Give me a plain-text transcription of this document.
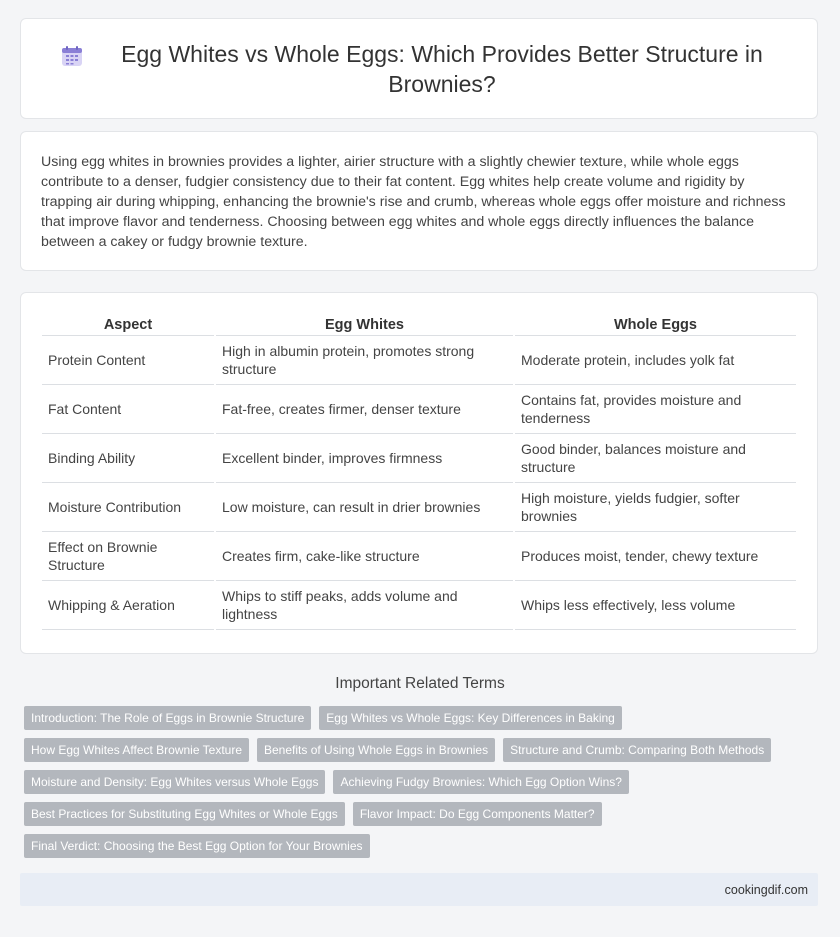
Egg Whites vs Whole Eggs: Which Provides Better Structure in Brownies?

Using egg whites in brownies provides a lighter, airier structure with a slightly chewier texture, while whole eggs contribute to a denser, fudgier consistency due to their fat content. Egg whites help create volume and rigidity by trapping air during whipping, enhancing the brownie's rise and crumb, whereas whole eggs offer moisture and richness that improve flavor and tenderness. Choosing between egg whites and whole eggs directly influences the balance between a cakey or fudgy brownie texture.

Aspect	Egg Whites	Whole Eggs
Protein Content	High in albumin protein, promotes strong structure	Moderate protein, includes yolk fat
Fat Content	Fat-free, creates firmer, denser texture	Contains fat, provides moisture and tenderness
Binding Ability	Excellent binder, improves firmness	Good binder, balances moisture and structure
Moisture Contribution	Low moisture, can result in drier brownies	High moisture, yields fudgier, softer brownies
Effect on Brownie Structure	Creates firm, cake-like structure	Produces moist, tender, chewy texture
Whipping & Aeration	Whips to stiff peaks, adds volume and lightness	Whips less effectively, less volume
Important Related Terms
Introduction: The Role of Eggs in Brownie Structure	Egg Whites vs Whole Eggs: Key Differences in Baking
How Egg Whites Affect Brownie Texture	Benefits of Using Whole Eggs in Brownies	Structure and Crumb: Comparing Both Methods
Moisture and Density: Egg Whites versus Whole Eggs	Achieving Fudgy Brownies: Which Egg Option Wins?
Best Practices for Substituting Egg Whites or Whole Eggs	Flavor Impact: Do Egg Components Matter?
Final Verdict: Choosing the Best Egg Option for Your Brownies
cookingdif.com
